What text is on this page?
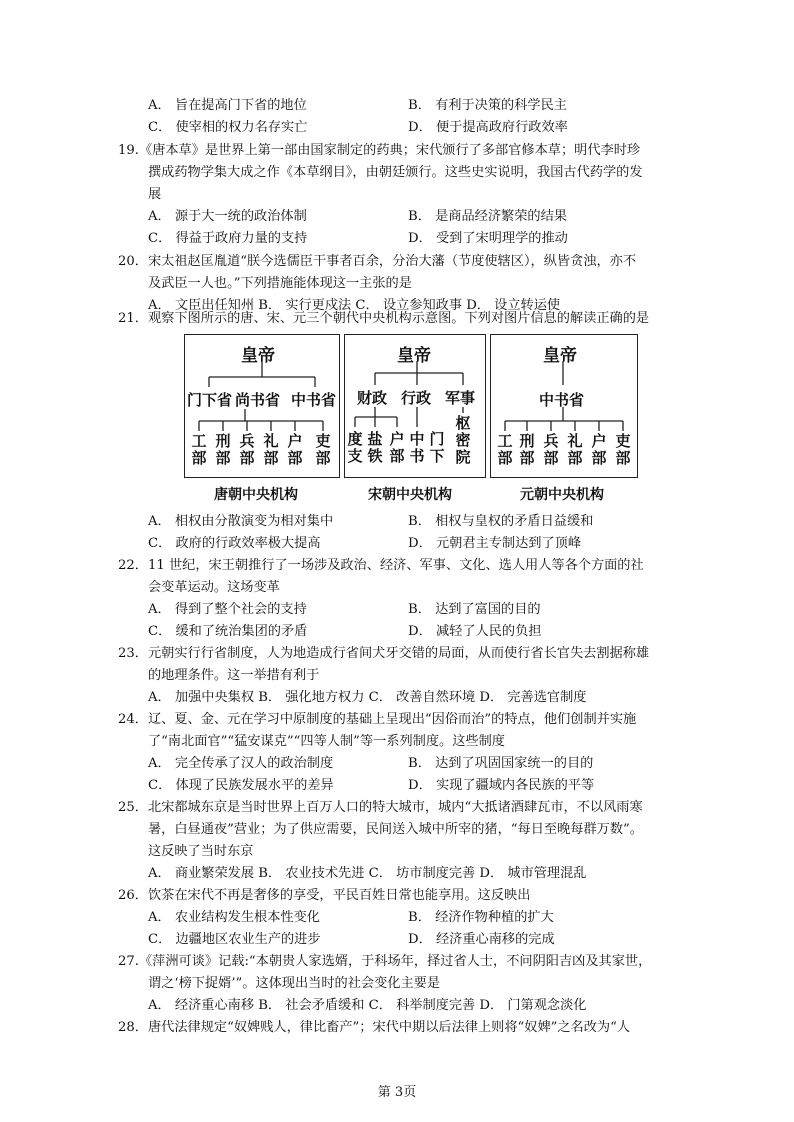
A． 旨在提高门下省的地位	B． 有利于决策的科学民主
C． 使宰相的权力名存实亡	D． 便于提高政府行政效率
19.《唐本草》是世界上第一部由国家制定的药典；宋代颁行了多部官修本草；明代李时珍
撰成药物学集大成之作《本草纲目》，由朝廷颁行。这些史实说明，我国古代药学的发
展
A． 源于大一统的政治体制	B． 是商品经济繁荣的结果
C． 得益于政府力量的支持	D． 受到了宋明理学的推动
20．宋太祖赵匡胤道“朕今选儒臣干事者百余，分治大藩（节度使辖区），纵皆贪浊，亦不
及武臣一人也。”下列措施能体现这一主张的是
A． 文臣出任知州 B． 实行更戍法 C． 设立参知政事 D． 设立转运使
21．观察下图所示的唐、宋、元三个朝代中央机构示意图。下列对图片信息的解读正确的是
皇帝
门下省 尚书省 中书省
工部
刑部
兵部
礼部
户部
吏部
唐朝中央机构
皇帝
财政 行政 军事
度支
盐铁
户部
中书
门下
枢密院
宋朝中央机构
皇帝
中书省
工部
刑部
兵部
礼部
户部
吏部
元朝中央机构
A． 相权由分散演变为相对集中	B． 相权与皇权的矛盾日益缓和
C． 政府的行政效率极大提高	D． 元朝君主专制达到了顶峰
22．11 世纪，宋王朝推行了一场涉及政治、经济、军事、文化、选人用人等各个方面的社
会变革运动。这场变革
A． 得到了整个社会的支持	B． 达到了富国的目的
C． 缓和了统治集团的矛盾	D． 减轻了人民的负担
23．元朝实行行省制度，人为地造成行省间犬牙交错的局面，从而使行省长官失去割据称雄
的地理条件。这一举措有利于
A． 加强中央集权 B． 强化地方权力 C． 改善自然环境 D． 完善选官制度
24．辽、夏、金、元在学习中原制度的基础上呈现出“因俗而治”的特点，他们创制并实施
了“南北面官”“猛安谋克”“四等人制”等一系列制度。这些制度
A． 完全传承了汉人的政治制度	B． 达到了巩固国家统一的目的
C． 体现了民族发展水平的差异	D． 实现了疆域内各民族的平等
25．北宋都城东京是当时世界上百万人口的特大城市，城内“大抵诸酒肆瓦市，不以风雨寒
暑，白昼通夜”营业；为了供应需要，民间送入城中所宰的猪，“每日至晚每群万数”。
这反映了当时东京
A． 商业繁荣发展 B． 农业技术先进 C． 坊市制度完善 D． 城市管理混乱
26．饮茶在宋代不再是奢侈的享受，平民百姓日常也能享用。这反映出
A． 农业结构发生根本性变化	B． 经济作物种植的扩大
C． 边疆地区农业生产的进步	D． 经济重心南移的完成
27.《萍洲可谈》记载:“本朝贵人家选婿，于科场年，择过省人士，不问阴阳吉凶及其家世，
谓之‘榜下捉婿’”。这体现出当时的社会变化主要是
A． 经济重心南移 B． 社会矛盾缓和 C． 科举制度完善 D． 门第观念淡化
28．唐代法律规定“奴婢贱人，律比畜产”；宋代中期以后法律上则将“奴婢”之名改为“人
第 3页
